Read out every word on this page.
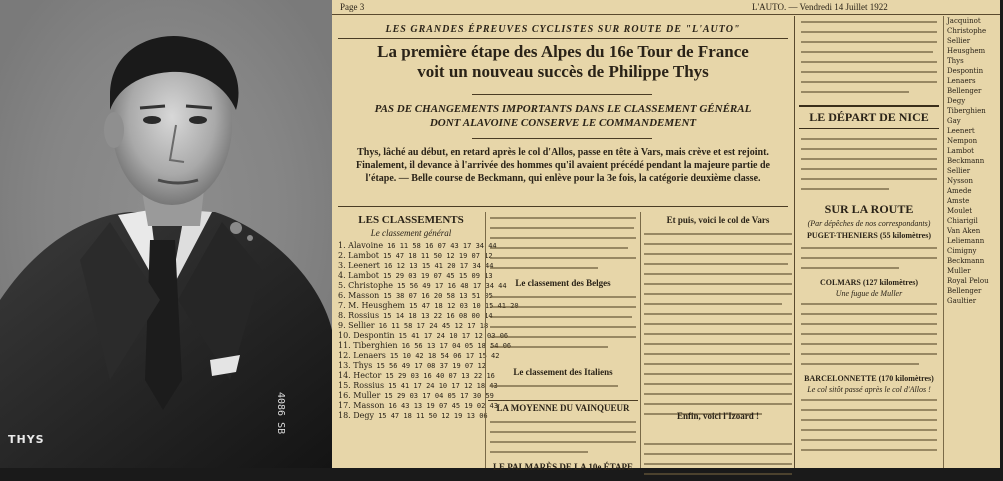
THYS
4086 SB
Page 3	L'AUTO. — Vendredi 14 Juillet 1922
LES GRANDES ÉPREUVES CYCLISTES SUR ROUTE DE "L'AUTO"
La première étape des Alpes du 16e Tour de France
voit un nouveau succès de Philippe Thys
PAS DE CHANGEMENTS IMPORTANTS DANS LE CLASSEMENT GÉNÉRAL
DONT ALAVOINE CONSERVE LE COMMANDEMENT
Thys, lâché au début, en retard après le col d'Allos, passe en tête à Vars, mais crève et est rejoint.
Finalement, il devance à l'arrivée des hommes qu'il avaient précédé pendant la majeure partie de
l'étape. — Belle course de Beckmann, qui enlève pour la 3e fois, la catégorie deuxième classe.
LES CLASSEMENTS
Le classement général
1. Alavoine 16 11 58 16 07 43 17 34 44
2. Lambot 15 47 18 11 50 12 19 07 12
3. Leenert 16 12 13 15 41 20 17 34 44
4. Lambot 15 29 03 19 07 45 15 09 13
5. Christophe 15 56 49 17 16 48 17 34 44
6. Masson 15 38 07 16 20 58 13 51 05
7. M. Heusghem 15 47 18 12 03 10 15 41 20
8. Rossius 15 14 18 13 22 16 08 00 14
9. Sellier 16 11 58 17 24 45 12 17 18
10. Despontin 15 41 17 24 10 17 12 03 06
11. Tiberghien 16 56 13 17 04 05 18 54 06
12. Lenaers 15 10 42 18 54 06 17 15 42
13. Thys 15 56 49 17 08 37 19 07 12
14. Hector 15 29 03 16 40 07 13 22 16
15. Rossius 15 41 17 24 10 17 12 18 43
16. Muller 15 29 03 17 04 05 17 30 59
17. Masson 16 43 13 19 07 45 19 02 43
18. Degy 15 47 18 11 50 12 19 13 06
Le classement des Belges
Le classement des Italiens
LA MOYENNE DU VAINQUEUR
LE PALMARÈS DE LA 10e ÉTAPE
Et puis, voici le col de Vars
Enfin, voici l'Izoard !
LE DÉPART DE NICE
SUR LA ROUTE
(Par dépêches de nos correspondants)
PUGET-THENIERS (55 kilomètres)
COLMARS (127 kilomètres)
Une fugue de Muller
BARCELONNETTE (170 kilomètres)
Le col sitôt passé après le col d'Allos !
Jacquinot
Christophe
Sellier
Heusghem
Thys
Despontin
Lenaers
Bellenger
Degy
Tiberghien
Gay
Leenert
Nempon
Lambot
Beckmann
Sellier
Nysson
Amede
Amste
Moulet
Chiarigil
Van Aken
Leliemann
Cimigny
Beckmann
Muller
Royal Pelou
Bellenger
Gaultier
